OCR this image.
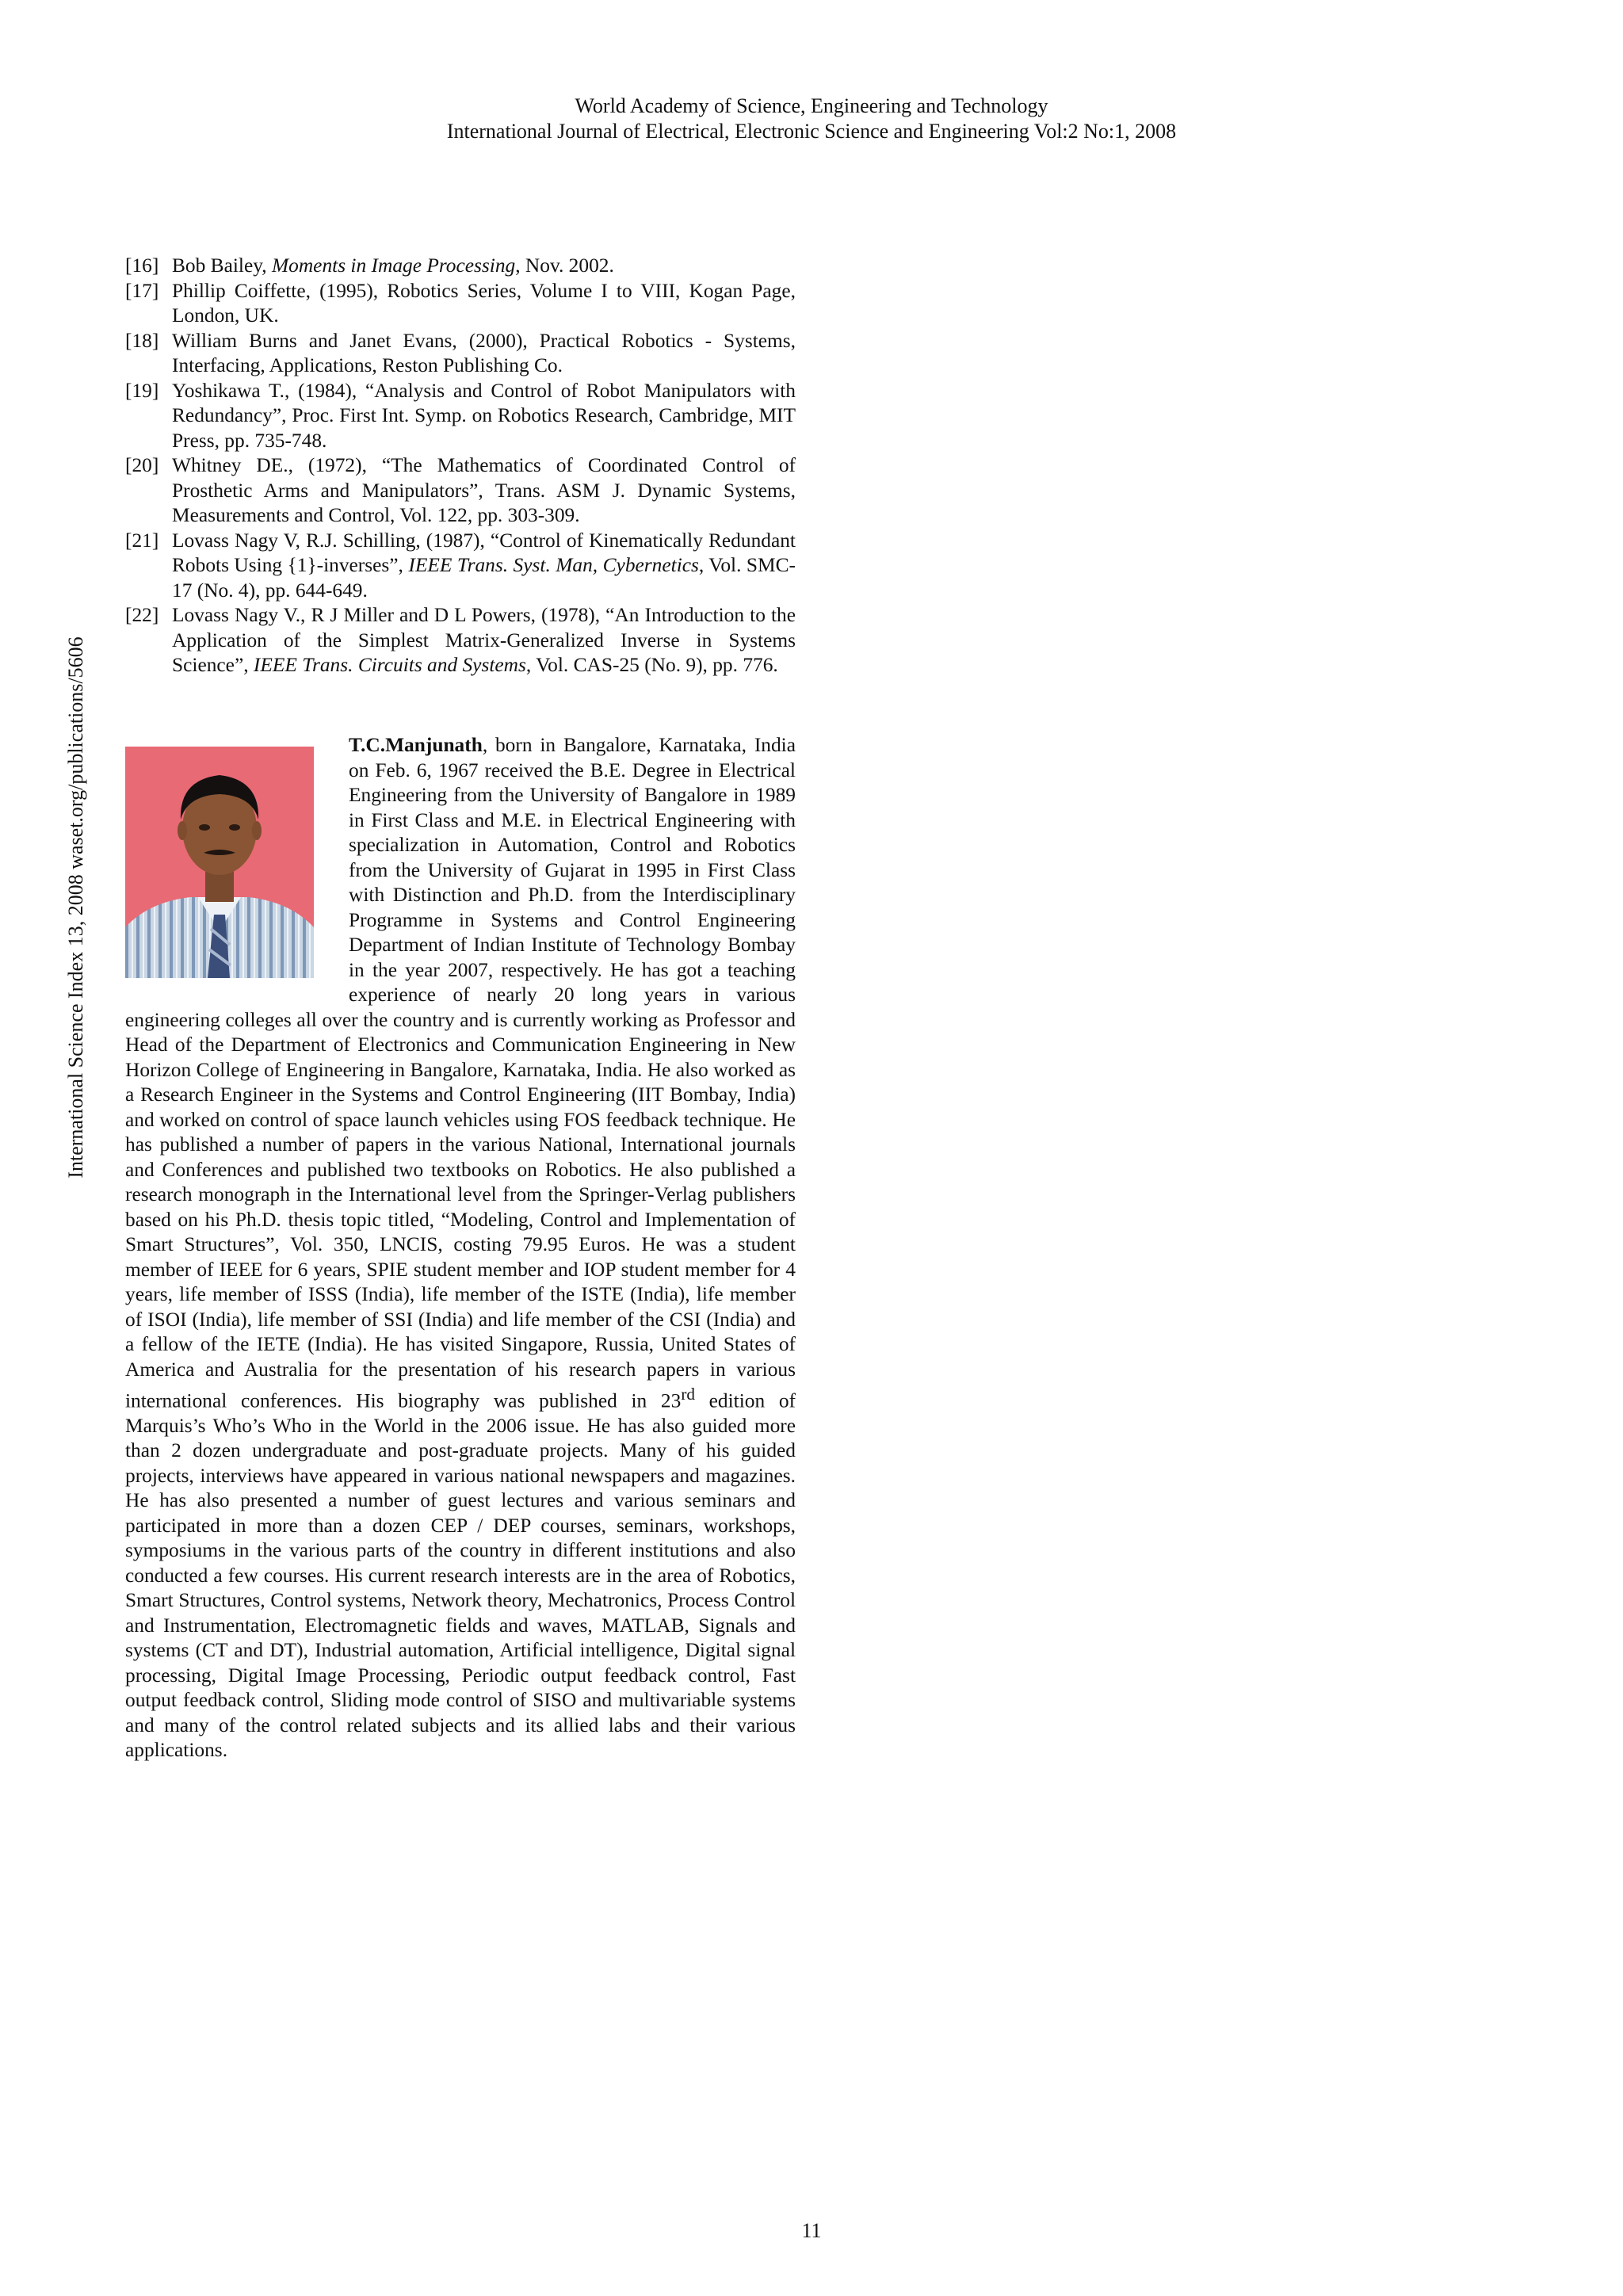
World Academy of Science, Engineering and Technology
International Journal of Electrical, Electronic Science and Engineering Vol:2 No:1, 2008
International Science Index 13, 2008 waset.org/publications/5606
[16] Bob Bailey, Moments in Image Processing, Nov. 2002.
[17] Phillip Coiffette, (1995), Robotics Series, Volume I to VIII, Kogan Page, London, UK.
[18] William Burns and Janet Evans, (2000), Practical Robotics - Systems, Interfacing, Applications, Reston Publishing Co.
[19] Yoshikawa T., (1984), “Analysis and Control of Robot Manipulators with Redundancy”, Proc. First Int. Symp. on Robotics Research, Cambridge, MIT Press, pp. 735-748.
[20] Whitney DE., (1972), “The Mathematics of Coordinated Control of Prosthetic Arms and Manipulators”, Trans. ASM J. Dynamic Systems, Measurements and Control, Vol. 122, pp. 303-309.
[21] Lovass Nagy V, R.J. Schilling, (1987), “Control of Kinematically Redundant Robots Using {1}-inverses”, IEEE Trans. Syst. Man, Cybernetics, Vol. SMC-17 (No. 4), pp. 644-649.
[22] Lovass Nagy V., R J Miller and D L Powers, (1978), “An Introduction to the Application of the Simplest Matrix-Generalized Inverse in Systems Science”, IEEE Trans. Circuits and Systems, Vol. CAS-25 (No. 9), pp. 776.
T.C.Manjunath, born in Bangalore, Karnataka, India on Feb. 6, 1967 received the B.E. Degree in Electrical Engineering from the University of Bangalore in 1989 in First Class and M.E. in Electrical Engineering with specialization in Automation, Control and Robotics from the University of Gujarat in 1995 in First Class with Distinction and Ph.D. from the Interdisciplinary Programme in Systems and Control Engineering Department of Indian Institute of Technology Bombay in the year 2007, respectively. He has got a teaching experience of nearly 20 long years in various engineering colleges all over the country and is currently working as Professor and Head of the Department of Electronics and Communication Engineering in New Horizon College of Engineering in Bangalore, Karnataka, India. He also worked as a Research Engineer in the Systems and Control Engineering (IIT Bombay, India) and worked on control of space launch vehicles using FOS feedback technique. He has published a number of papers in the various National, International journals and Conferences and published two textbooks on Robotics. He also published a research monograph in the International level from the Springer-Verlag publishers based on his Ph.D. thesis topic titled, “Modeling, Control and Implementation of Smart Structures”, Vol. 350, LNCIS, costing 79.95 Euros. He was a student member of IEEE for 6 years, SPIE student member and IOP student member for 4 years, life member of ISSS (India), life member of the ISTE (India), life member of ISOI (India), life member of SSI (India) and life member of the CSI (India) and a fellow of the IETE (India). He has visited Singapore, Russia, United States of America and Australia for the presentation of his research papers in various international conferences. His biography was published in 23rd edition of Marquis’s Who’s Who in the World in the 2006 issue. He has also guided more than 2 dozen undergraduate and post-graduate projects. Many of his guided projects, interviews have appeared in various national newspapers and magazines. He has also presented a number of guest lectures and various seminars and participated in more than a dozen CEP / DEP courses, seminars, workshops, symposiums in the various parts of the country in different institutions and also conducted a few courses. His current research interests are in the area of Robotics, Smart Structures, Control systems, Network theory, Mechatronics, Process Control and Instrumentation, Electromagnetic fields and waves, MATLAB, Signals and systems (CT and DT), Industrial automation, Artificial intelligence, Digital signal processing, Digital Image Processing, Periodic output feedback control, Fast output feedback control, Sliding mode control of SISO and multivariable systems and many of the control related subjects and its allied labs and their various applications.
11
